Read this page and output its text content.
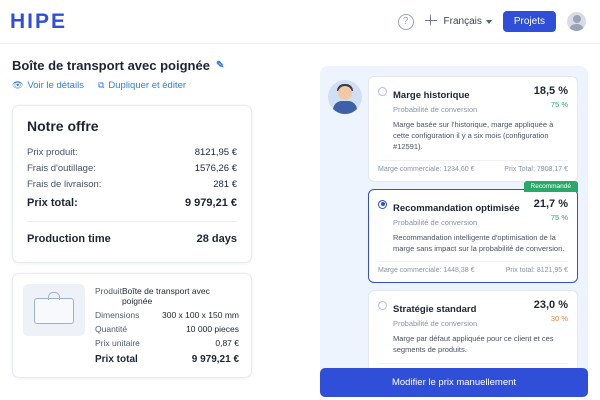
HIPE	?	Français	Projets
Boîte de transport avec poignée ✎
👁 Voir le détails ⧉ Dupliquer et éditer
Notre offre
Prix produit:	8121,95 €
Frais d'outillage:	1576,26 €
Frais de livraison:	281 €
Prix total:	9 979,21 €
Production time	28 days
Produit Boîte de transport avec poignée
Dimensions	300 x 100 x 150 mm
Quantité	10 000 pieces
Prix unitaire	0,87 €
Prix total	9 979,21 €
Marge historique
Probabilité de conversion
18,5 %
75 %
Marge basée sur l'historique, marge appliquée à cette configuration il y a six mois (configuration #12591).
Marge commerciale: 1234,60 €	Prix Total: 7908,17 €
Recommandé
Recommandation optimisée
Probabilité de conversion
21,7 %
75 %
Recommandation intelligente d'optimisation de la marge sans impact sur la probabilité de conversion.
Marge commerciale: 1448,38 €	Prix total: 8121,95 €
Stratégie standard
Probabilité de conversion
23,0 %
30 %
Marge par défaut appliquée pour ce client et ces segments de produits.
Modifier le prix manuellement
